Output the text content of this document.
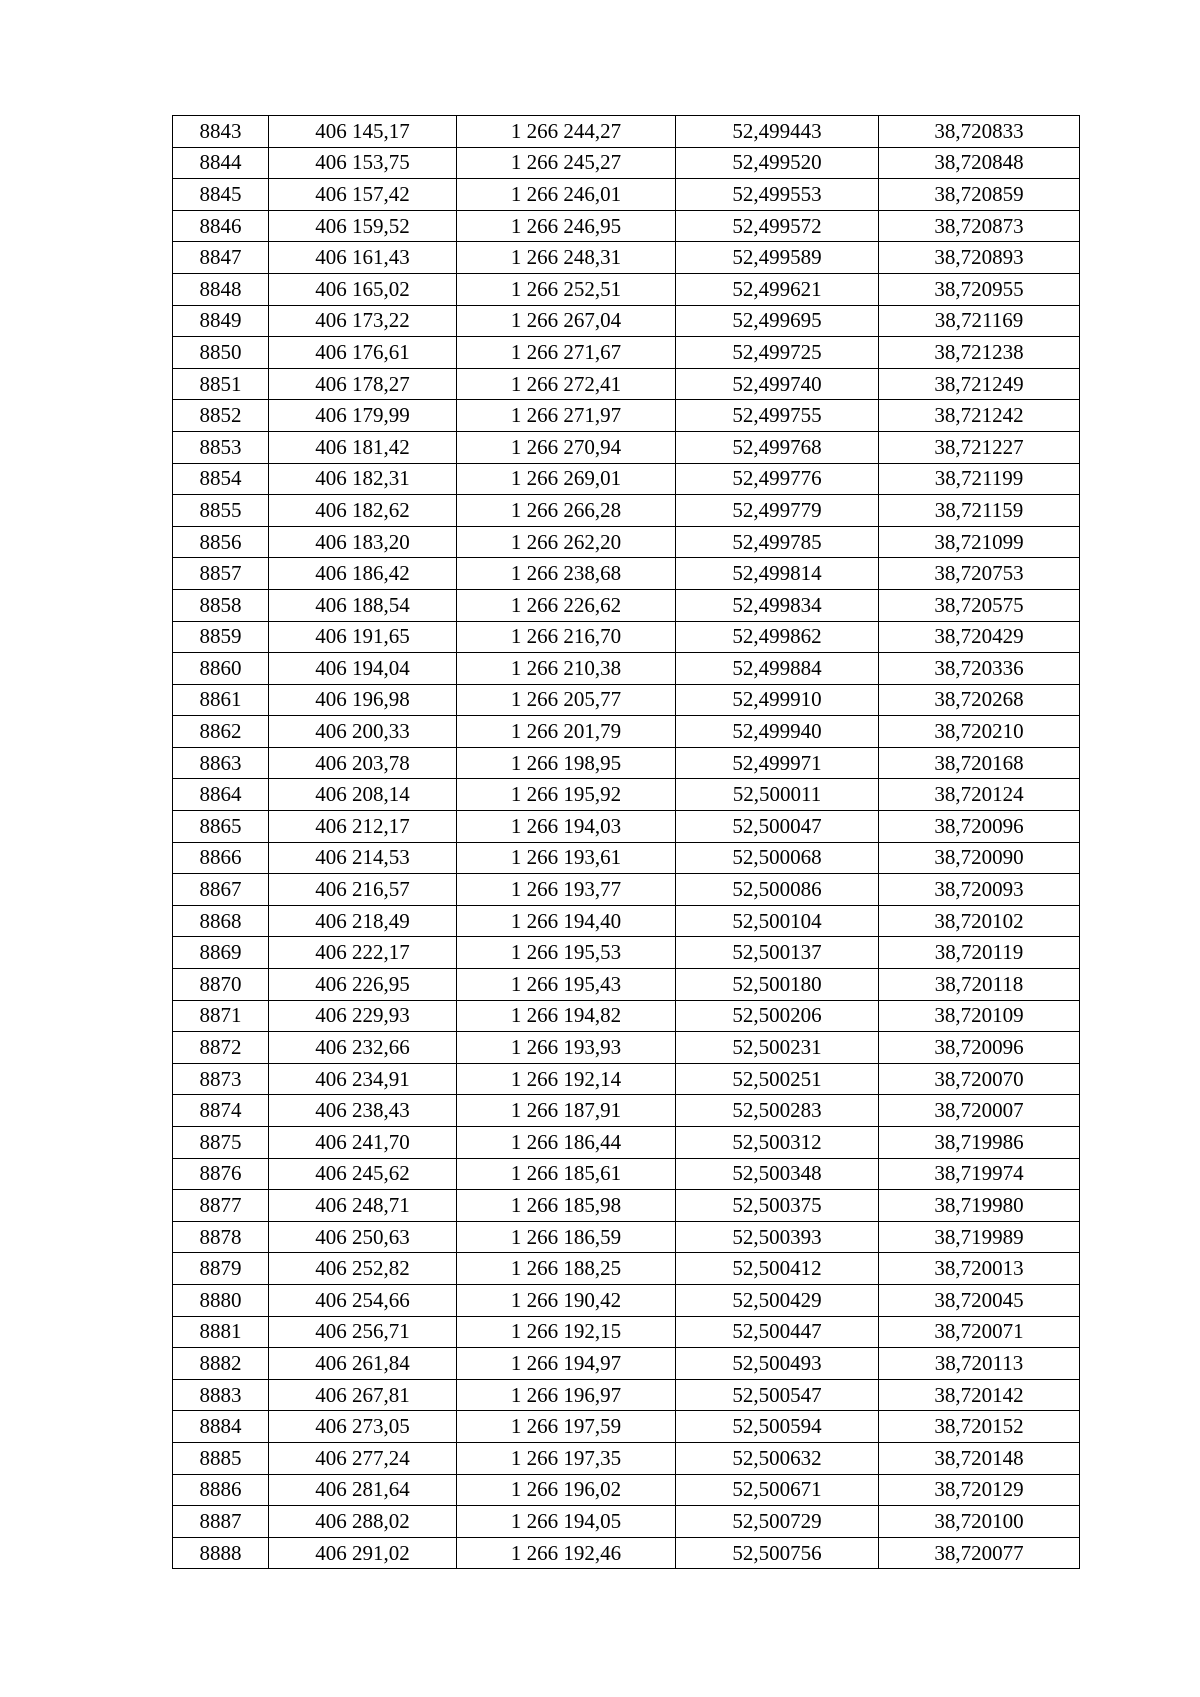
8843	406 145,17	1 266 244,27	52,499443	38,720833
8844	406 153,75	1 266 245,27	52,499520	38,720848
8845	406 157,42	1 266 246,01	52,499553	38,720859
8846	406 159,52	1 266 246,95	52,499572	38,720873
8847	406 161,43	1 266 248,31	52,499589	38,720893
8848	406 165,02	1 266 252,51	52,499621	38,720955
8849	406 173,22	1 266 267,04	52,499695	38,721169
8850	406 176,61	1 266 271,67	52,499725	38,721238
8851	406 178,27	1 266 272,41	52,499740	38,721249
8852	406 179,99	1 266 271,97	52,499755	38,721242
8853	406 181,42	1 266 270,94	52,499768	38,721227
8854	406 182,31	1 266 269,01	52,499776	38,721199
8855	406 182,62	1 266 266,28	52,499779	38,721159
8856	406 183,20	1 266 262,20	52,499785	38,721099
8857	406 186,42	1 266 238,68	52,499814	38,720753
8858	406 188,54	1 266 226,62	52,499834	38,720575
8859	406 191,65	1 266 216,70	52,499862	38,720429
8860	406 194,04	1 266 210,38	52,499884	38,720336
8861	406 196,98	1 266 205,77	52,499910	38,720268
8862	406 200,33	1 266 201,79	52,499940	38,720210
8863	406 203,78	1 266 198,95	52,499971	38,720168
8864	406 208,14	1 266 195,92	52,500011	38,720124
8865	406 212,17	1 266 194,03	52,500047	38,720096
8866	406 214,53	1 266 193,61	52,500068	38,720090
8867	406 216,57	1 266 193,77	52,500086	38,720093
8868	406 218,49	1 266 194,40	52,500104	38,720102
8869	406 222,17	1 266 195,53	52,500137	38,720119
8870	406 226,95	1 266 195,43	52,500180	38,720118
8871	406 229,93	1 266 194,82	52,500206	38,720109
8872	406 232,66	1 266 193,93	52,500231	38,720096
8873	406 234,91	1 266 192,14	52,500251	38,720070
8874	406 238,43	1 266 187,91	52,500283	38,720007
8875	406 241,70	1 266 186,44	52,500312	38,719986
8876	406 245,62	1 266 185,61	52,500348	38,719974
8877	406 248,71	1 266 185,98	52,500375	38,719980
8878	406 250,63	1 266 186,59	52,500393	38,719989
8879	406 252,82	1 266 188,25	52,500412	38,720013
8880	406 254,66	1 266 190,42	52,500429	38,720045
8881	406 256,71	1 266 192,15	52,500447	38,720071
8882	406 261,84	1 266 194,97	52,500493	38,720113
8883	406 267,81	1 266 196,97	52,500547	38,720142
8884	406 273,05	1 266 197,59	52,500594	38,720152
8885	406 277,24	1 266 197,35	52,500632	38,720148
8886	406 281,64	1 266 196,02	52,500671	38,720129
8887	406 288,02	1 266 194,05	52,500729	38,720100
8888	406 291,02	1 266 192,46	52,500756	38,720077
